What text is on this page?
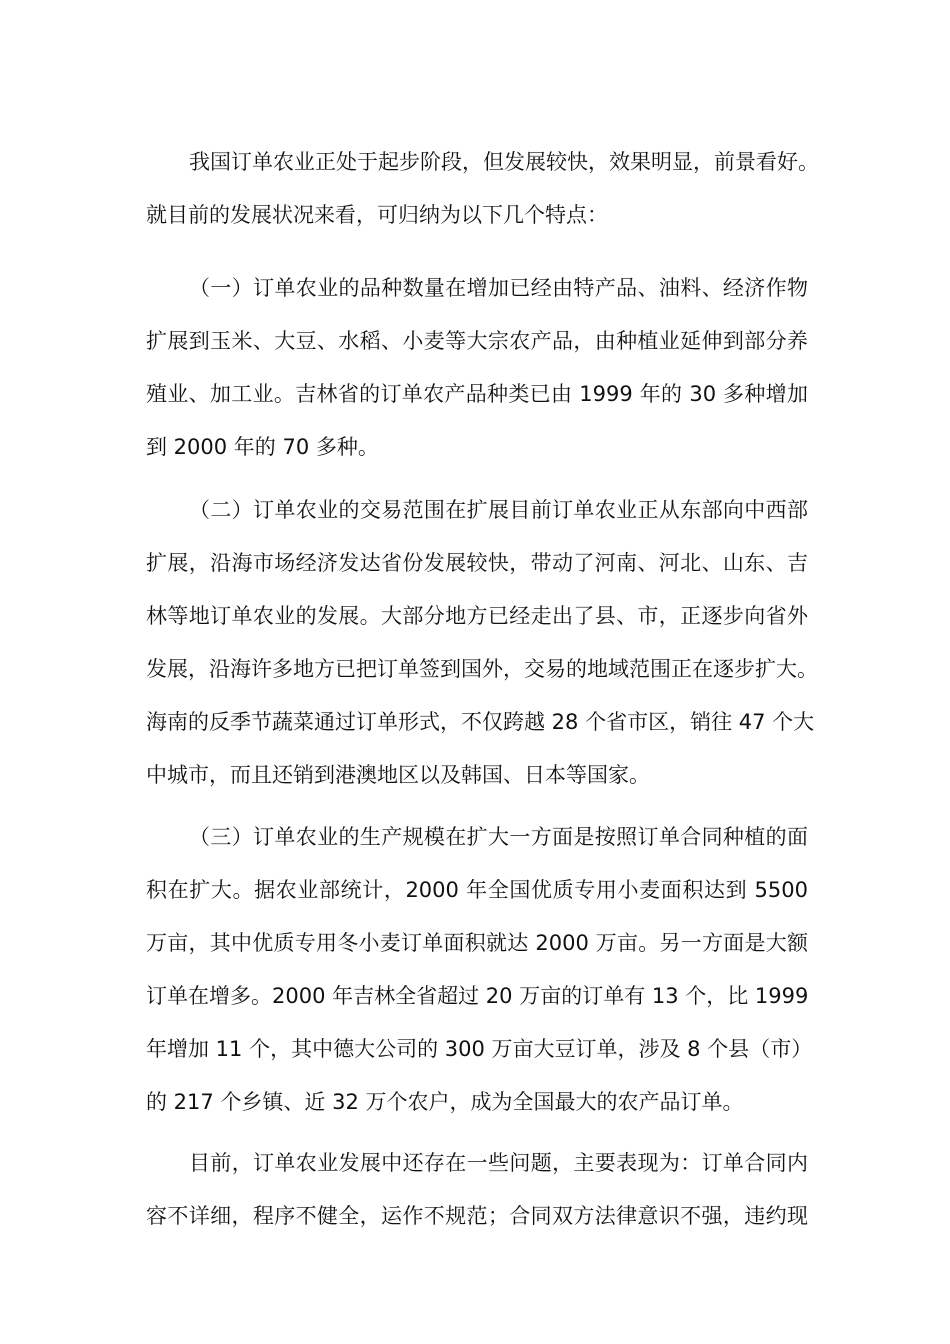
我国订单农业正处于起步阶段，但发展较快，效果明显，前景看好。
就目前的发展状况来看，可归纳为以下几个特点：
（一）订单农业的品种数量在增加已经由特产品、油料、经济作物
扩展到玉米、大豆、水稻、小麦等大宗农产品，由种植业延伸到部分养
殖业、加工业。吉林省的订单农产品种类已由 1999 年的 30 多种增加
到 2000 年的 70 多种。
（二）订单农业的交易范围在扩展目前订单农业正从东部向中西部
扩展，沿海市场经济发达省份发展较快，带动了河南、河北、山东、吉
林等地订单农业的发展。大部分地方已经走出了县、市，正逐步向省外
发展，沿海许多地方已把订单签到国外，交易的地域范围正在逐步扩大。
海南的反季节蔬菜通过订单形式，不仅跨越 28 个省市区，销往 47 个大
中城市，而且还销到港澳地区以及韩国、日本等国家。
（三）订单农业的生产规模在扩大一方面是按照订单合同种植的面
积在扩大。据农业部统计，2000 年全国优质专用小麦面积达到 5500
万亩，其中优质专用冬小麦订单面积就达 2000 万亩。另一方面是大额
订单在增多。2000 年吉林全省超过 20 万亩的订单有 13 个，比 1999
年增加 11 个，其中德大公司的 300 万亩大豆订单，涉及 8 个县（市）
的 217 个乡镇、近 32 万个农户，成为全国最大的农产品订单。
目前，订单农业发展中还存在一些问题，主要表现为：订单合同内
容不详细，程序不健全，运作不规范；合同双方法律意识不强，违约现
